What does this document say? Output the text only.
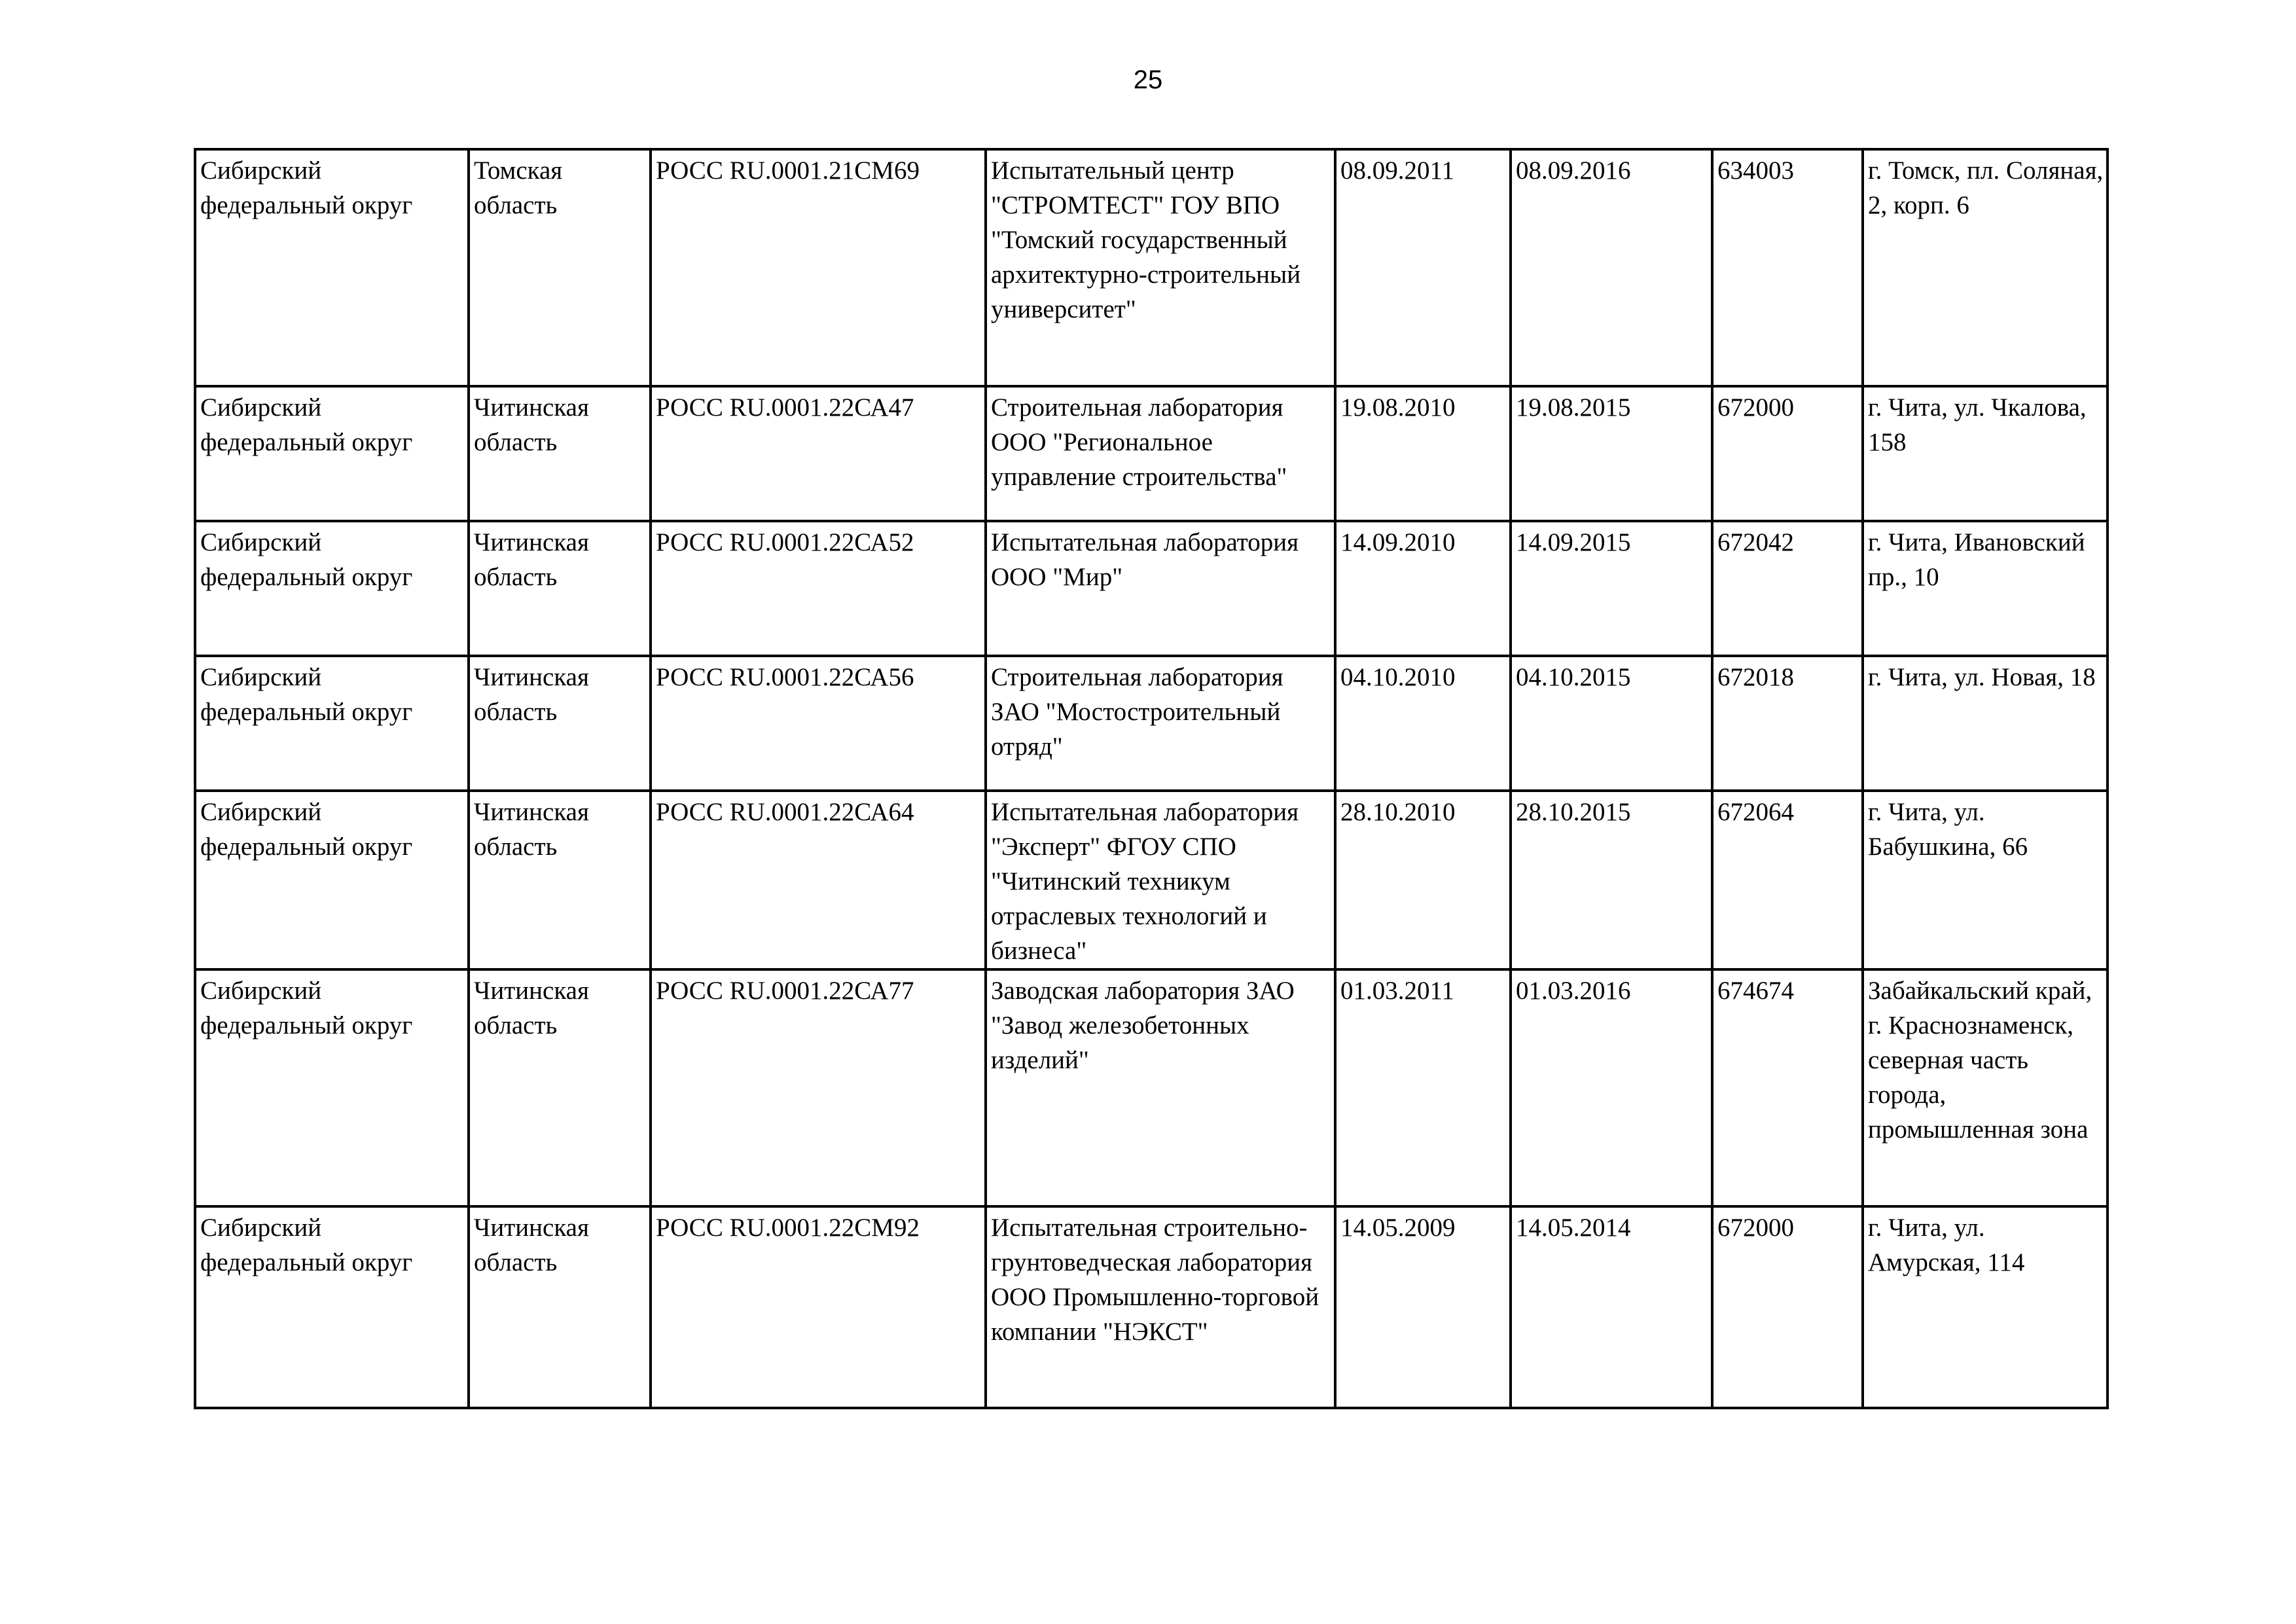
25
Сибирский федеральный округ	Томская область	РОСС RU.0001.21СМ69	Испытательный центр "СТРОМТЕСТ" ГОУ ВПО "Томский государственный архитектурно-строительный университет"	08.09.2011	08.09.2016	634003	г. Томск, пл. Соляная, 2, корп. 6
Сибирский федеральный округ	Читинская область	РОСС RU.0001.22СА47	Строительная лаборатория ООО "Региональное управление строительства"	19.08.2010	19.08.2015	672000	г. Чита, ул. Чкалова, 158
Сибирский федеральный округ	Читинская область	РОСС RU.0001.22СА52	Испытательная лаборатория ООО "Мир"	14.09.2010	14.09.2015	672042	г. Чита, Ивановский пр., 10
Сибирский федеральный округ	Читинская область	РОСС RU.0001.22СА56	Строительная лаборатория ЗАО "Мостостроительный отряд"	04.10.2010	04.10.2015	672018	г. Чита, ул. Новая, 18
Сибирский федеральный округ	Читинская область	РОСС RU.0001.22СА64	Испытательная лаборатория "Эксперт" ФГОУ СПО "Читинский техникум отраслевых технологий и бизнеса"	28.10.2010	28.10.2015	672064	г. Чита, ул. Бабушкина, 66
Сибирский федеральный округ	Читинская область	РОСС RU.0001.22СА77	Заводская лаборатория ЗАО "Завод железобетонных изделий"	01.03.2011	01.03.2016	674674	Забайкальский край, г. Краснознаменск, северная часть города, промышленная зона
Сибирский федеральный округ	Читинская область	РОСС RU.0001.22СМ92	Испытательная строительно-грунтоведческая лаборатория ООО Промышленно-торговой компании "НЭКСТ"	14.05.2009	14.05.2014	672000	г. Чита, ул. Амурская, 114
